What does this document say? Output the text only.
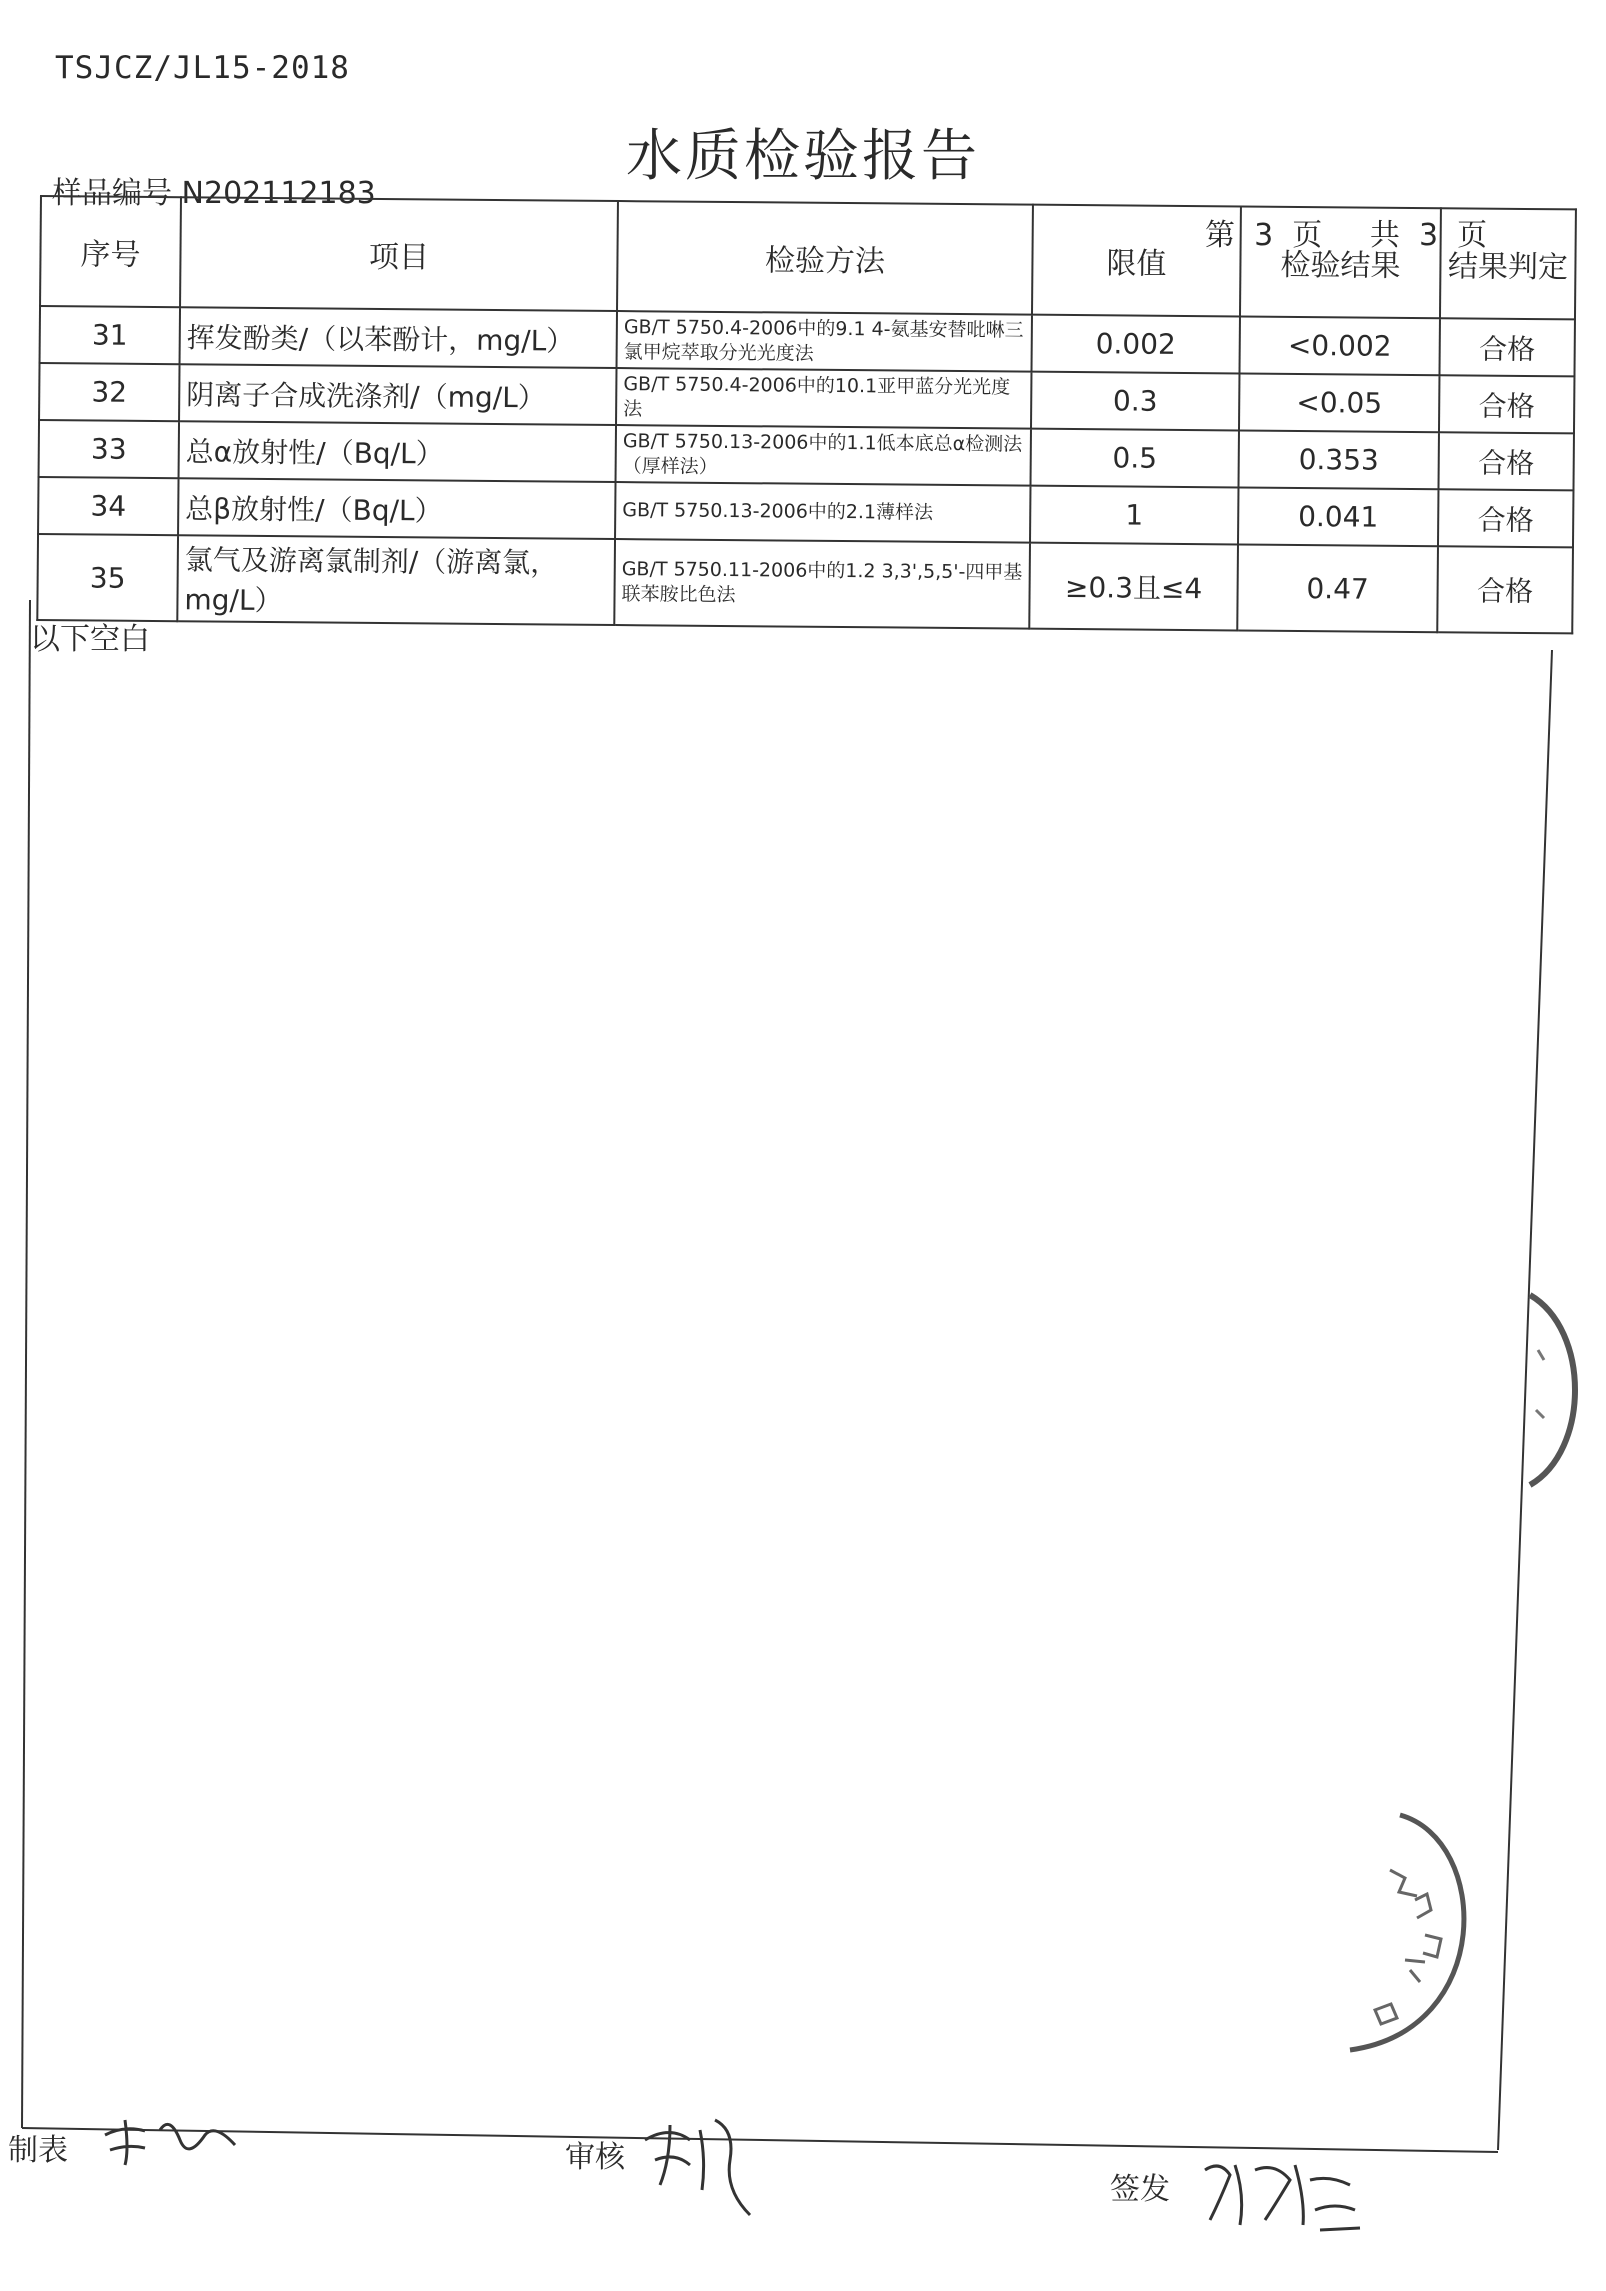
TSJCZ/JL15-2018
水质检验报告
样品编号 N202112183
第  3  页     共  3  页
序号	项目	检验方法	限值	检验结果	结果判定
31	挥发酚类/（以苯酚计，mg/L）	GB/T 5750.4-2006中的9.1 4-氨基安替吡啉三氯甲烷萃取分光光度法	0.002	<0.002	合格
32	阴离子合成洗涤剂/（mg/L）	GB/T 5750.4-2006中的10.1亚甲蓝分光光度法	0.3	<0.05	合格
33	总α放射性/（Bq/L）	GB/T 5750.13-2006中的1.1低本底总α检测法（厚样法）	0.5	0.353	合格
34	总β放射性/（Bq/L）	GB/T 5750.13-2006中的2.1薄样法	1	0.041	合格
35	氯气及游离氯制剂/（游离氯，mg/L）	GB/T 5750.11-2006中的1.2 3,3',5,5'-四甲基联苯胺比色法	≥0.3且≤4	0.47	合格
以下空白
制表	审核
签发
